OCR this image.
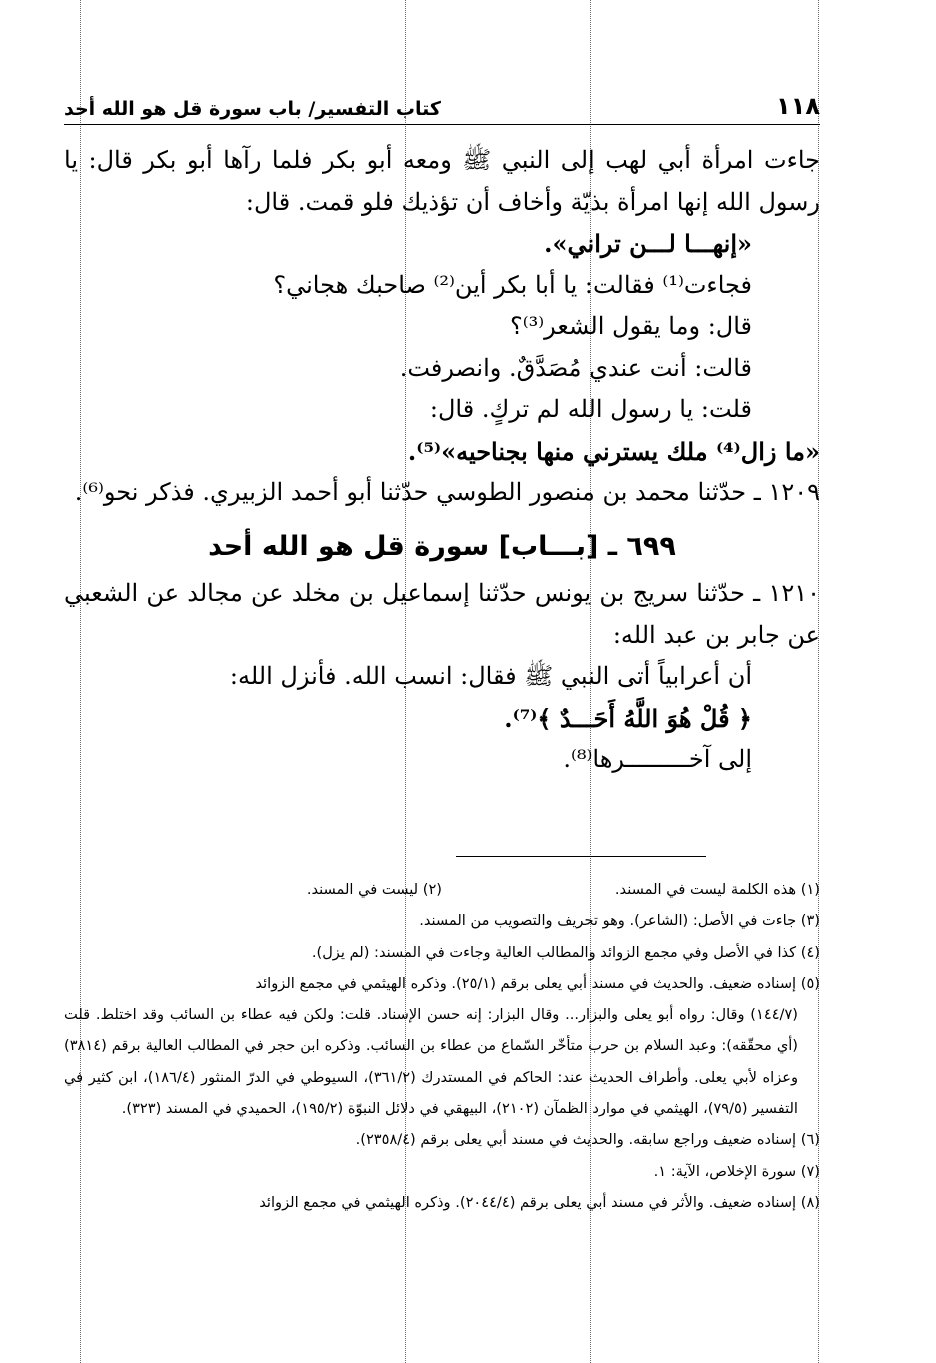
١١٨
كتاب التفسير/ باب سورة قل هو الله أحد

جاءت امرأة أبي لهب إلى النبي ﷺ ومعه أبو بكر فلما رآها أبو بكر قال: يا رسول الله إنها امرأة بذيّة وأخاف أن تؤذيك فلو قمت. قال:

«إنهـــا لـــن تراني».

فجاءت⁽¹⁾ فقالت: يا أبا بكر أين⁽²⁾ صاحبك هجاني؟

قال: وما يقول الشعر⁽³⁾؟

قالت: أنت عندي مُصَدَّقٌ. وانصرفت.

قلت: يا رسول الله لم تركٍ. قال:

«ما زال⁽⁴⁾ ملك يسترني منها بجناحيه»⁽⁵⁾.

١٢٠٩ ـ حدّثنا محمد بن منصور الطوسي حدّثنا أبو أحمد الزبيري. فذكر نحو⁽⁶⁾.

٦٩٩ ـ [بـــاب] سورة قل هو الله أحد

١٢١٠ ـ حدّثنا سريج بن يونس حدّثنا إسماعيل بن مخلد عن مجالد عن الشعبي عن جابر بن عبد الله:

أن أعرابياً أتى النبي ﷺ فقال: انسب الله. فأنزل الله:

﴿ قُلْ هُوَ اللَّهُ أَحَـــدٌ ﴾⁽⁷⁾.

إلى آخـــــــــرها⁽⁸⁾.

(١) هذه الكلمة ليست في المسند.
(٢) ليست في المسند.

(٣) جاءت في الأصل: (الشاعر). وهو تحريف والتصويب من المسند.

(٤) كذا في الأصل وفي مجمع الزوائد والمطالب العالية وجاءت في المسند: (لم يزل).

(٥) إسناده ضعيف. والحديث في مسند أبي يعلى برقم (٢٥/١). وذكره الهيثمي في مجمع الزوائد

(١٤٤/٧) وقال: رواه أبو يعلى والبزار... وقال البزار: إنه حسن الإسناد. قلت: ولكن فيه عطاء بن السائب وقد اختلط. قلت (أي محقّقه): وعبد السلام بن حرب متأخّر السّماع من عطاء بن السائب. وذكره ابن حجر في المطالب العالية برقم (٣٨١٤) وعزاه لأبي يعلى. وأطراف الحديث عند: الحاكم في المستدرك (٣٦١/٢)، السيوطي في الدرّ المنثور (١٨٦/٤)، ابن كثير في التفسير (٧٩/٥)، الهيثمي في موارد الظمآن (٢١٠٢)، البيهقي في دلائل النبوّة (١٩٥/٢)، الحميدي في المسند (٣٢٣).

(٦) إسناده ضعيف وراجع سابقه. والحديث في مسند أبي يعلى برقم (٢٣٥٨/٤).

(٧) سورة الإخلاص، الآية: ١.

(٨) إسناده ضعيف. والأثر في مسند أبي يعلى برقم (٢٠٤٤/٤). وذكره الهيثمي في مجمع الزوائد
